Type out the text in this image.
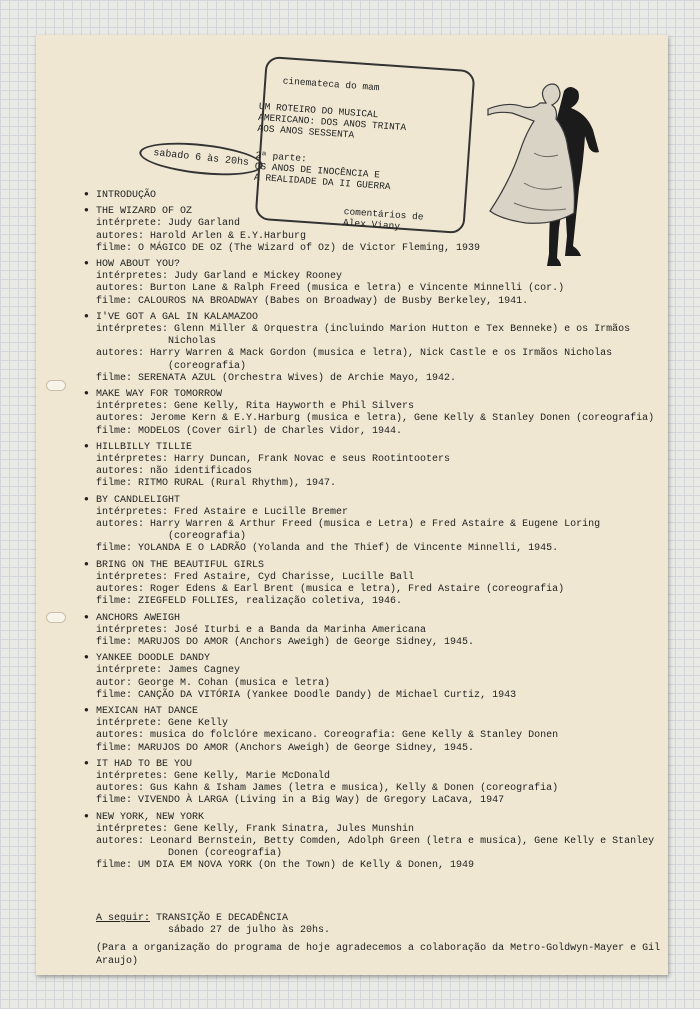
cinemateca do mam

UM ROTEIRO DO MUSICAL
AMERICANO: DOS ANOS TRINTA
AOS ANOS SESSENTA

2ª parte:
OS ANOS DE INOCÊNCIA E
A REALIDADE DA II GUERRA

comentários de
Alex Viany

sabado 6 às 20hs
● INTRODUÇÃO
● THE WIZARD OF OZ
intérprete: Judy Garland
autores: Harold Arlen & E.Y.Harburg
filme: O MÁGICO DE OZ (The Wizard of Oz) de Victor Fleming, 1939
● HOW ABOUT YOU?
intérpretes: Judy Garland e Mickey Rooney
autores: Burton Lane & Ralph Freed (musica e letra) e Vincente Minnelli (cor.)
filme: CALOUROS NA BROADWAY (Babes on Broadway) de Busby Berkeley, 1941.
● I'VE GOT A GAL IN KALAMAZOO
intérpretes: Glenn Miller & Orquestra (incluindo Marion Hutton e Tex Benneke) e os Irmãos Nicholas
autores: Harry Warren & Mack Gordon (musica e letra), Nick Castle e os Irmãos Nicholas (coreografia)
filme: SERENATA AZUL (Orchestra Wives) de Archie Mayo, 1942.
● MAKE WAY FOR TOMORROW
intérpretes: Gene Kelly, Rita Hayworth e Phil Silvers
autores: Jerome Kern & E.Y.Harburg (musica e letra), Gene Kelly & Stanley Donen (coreografia)
filme: MODELOS (Cover Girl) de Charles Vidor, 1944.
● HILLBILLY TILLIE
intérpretes: Harry Duncan, Frank Novac e seus Rootintooters
autores: não identificados
filme: RITMO RURAL (Rural Rhythm), 1947.
● BY CANDLELIGHT
intérpretes: Fred Astaire e Lucille Bremer
autores: Harry Warren & Arthur Freed (musica e Letra) e Fred Astaire & Eugene Loring (coreografia)
filme: YOLANDA E O LADRÃO (Yolanda and the Thief) de Vincente Minnelli, 1945.
● BRING ON THE BEAUTIFUL GIRLS
intérpretes: Fred Astaire, Cyd Charisse, Lucille Ball
autores: Roger Edens & Earl Brent (musica e letra), Fred Astaire (coreografia)
filme: ZIEGFELD FOLLIES, realização coletiva, 1946.
● ANCHORS AWEIGH
intérpretes: José Iturbi e a Banda da Marinha Americana
filme: MARUJOS DO AMOR (Anchors Aweigh) de George Sidney, 1945.
● YANKEE DOODLE DANDY
intérprete: James Cagney
autor: George M. Cohan (musica e letra)
filme: CANÇÃO DA VITÓRIA (Yankee Doodle Dandy) de Michael Curtiz, 1943
● MEXICAN HAT DANCE
intérprete: Gene Kelly
autores: musica do folclóre mexicano. Coreografia: Gene Kelly & Stanley Donen
filme: MARUJOS DO AMOR (Anchors Aweigh) de George Sidney, 1945.
● IT HAD TO BE YOU
intérpretes: Gene Kelly, Marie McDonald
autores: Gus Kahn & Isham James (letra e musica), Kelly & Donen (coreografia)
filme: VIVENDO À LARGA (Living in a Big Way) de Gregory LaCava, 1947
● NEW YORK, NEW YORK
intérpretes: Gene Kelly, Frank Sinatra, Jules Munshin
autores: Leonard Bernstein, Betty Comden, Adolph Green (letra e musica), Gene Kelly e Stanley Donen (coreografia)
filme: UM DIA EM NOVA YORK (On the Town) de Kelly & Donen, 1949
A seguir: TRANSIÇÃO E DECADÊNCIA
sábado 27 de julho às 20hs.
(Para a organização do programa de hoje agradecemos a colaboração da Metro-Goldwyn-Mayer e Gil Araujo)
